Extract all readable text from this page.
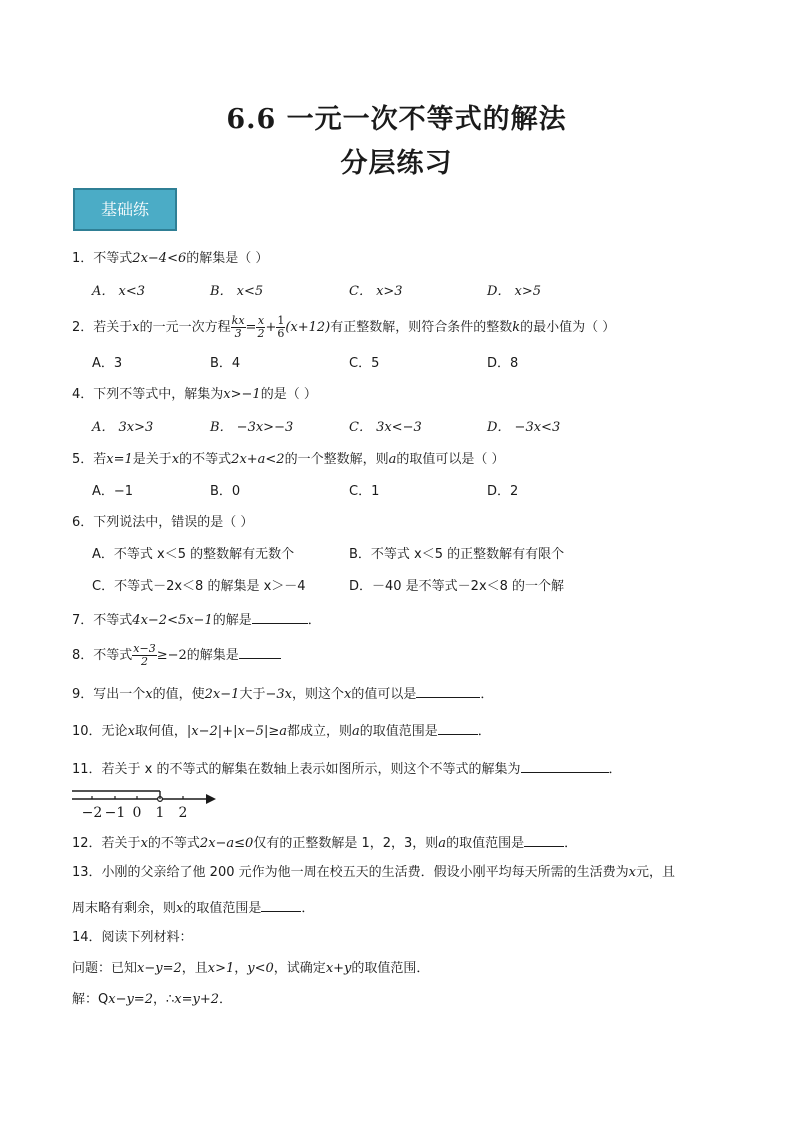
6.6 一元一次不等式的解法
分层练习
基础练
1．不等式2x−4<6的解集是（ ）
A． x<3	B． x<5	C． x>3	D． x>5
2．若关于x的一元一次方程 $\frac{kx}{3} = \frac{x}{2} + \frac{1}{6} (x+12)$有正整数解，则符合条件的整数k的最小值为（ ）
A．3	B．4	C．5	D．8
4．下列不等式中，解集为x>−1的是（ ）
A． 3x>3	B． −3x>−3	C． 3x<−3	D． −3x<3
5．若x=1是关于x的不等式2x+a<2的一个整数解，则a的取值可以是（ ）
A．−1	B．0	C．1	D．2
6．下列说法中，错误的是（ ）
A．不等式 x＜5 的整数解有无数个	B．不等式 x＜5 的正整数解有有限个
C．不等式－2x＜8 的解集是 x＞－4	D．－40 是不等式－2x＜8 的一个解
7．不等式4x−2<5x−1的解是	．
8．不等式 $\frac{x-3}{2} \ge-2$的解集是
9．写出一个x的值，使2x−1大于−3x，则这个x的值可以是	．
10．无论x取何值，|x−2|+|x−5|≥a都成立，则a的取值范围是	．
11．若关于 x 的不等式的解集在数轴上表示如图所示，则这个不等式的解集为	．
−2 −1 0 1 2
12．若关于x的不等式2x−a≤0仅有的正整数解是 1，2，3，则a的取值范围是	．
13．小刚的父亲给了他 200 元作为他一周在校五天的生活费．假设小刚平均每天所需的生活费为x元，且
周末略有剩余，则x的取值范围是	．
14．阅读下列材料：
问题：已知x−y=2，且x>1，y<0，试确定x+y的取值范围．
解：Qx−y=2，∴x=y+2．
